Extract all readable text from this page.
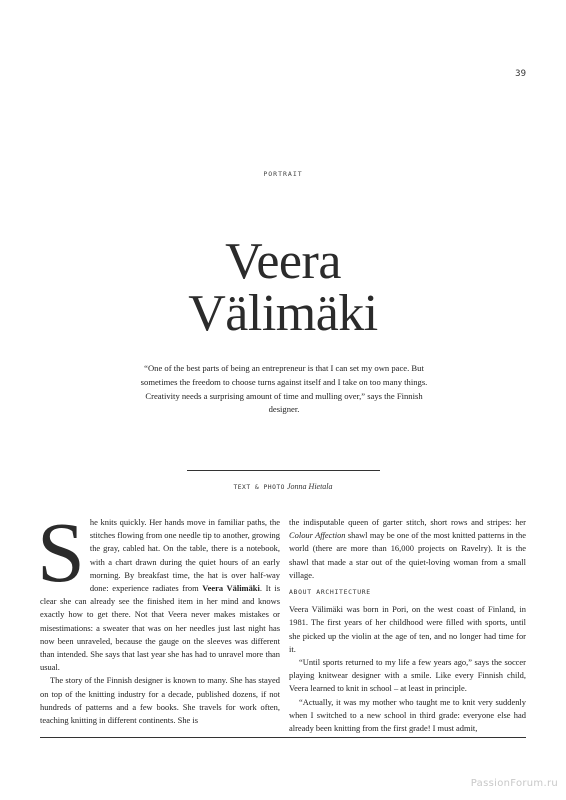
39
PORTRAIT
Veera
Välimäki
“One of the best parts of being an entrepreneur is that I can set my own pace. But sometimes the freedom to choose turns against itself and I take on too many things. Creativity needs a surprising amount of time and mulling over,” says the Finnish designer.
TEXT & PHOTO Jonna Hietala

She knits quickly. Her hands move in familiar paths, the stitches flowing from one needle tip to another, growing the gray, cabled hat. On the table, there is a notebook, with a chart drawn during the quiet hours of an early morning. By breakfast time, the hat is over half-way done: experience radiates from Veera Välimäki. It is clear she can already see the finished item in her mind and knows exactly how to get there. Not that Veera never makes mistakes or misestimations: a sweater that was on her needles just last night has now been unraveled, because the gauge on the sleeves was different than intended. She says that last year she has had to unravel more than usual.

The story of the Finnish designer is known to many. She has stayed on top of the knitting industry for a decade, published dozens, if not hundreds of patterns and a few books. She travels for work often, teaching knitting in different continents. She is

the indisputable queen of garter stitch, short rows and stripes: her Colour Affection shawl may be one of the most knitted patterns in the world (there are more than 16,000 projects on Ravelry). It is the shawl that made a star out of the quiet-loving woman from a small village.

ABOUT ARCHITECTURE

Veera Välimäki was born in Pori, on the west coast of Finland, in 1981. The first years of her childhood were filled with sports, until she picked up the violin at the age of ten, and no longer had time for it.

“Until sports returned to my life a few years ago,” says the soccer playing knitwear designer with a smile. Like every Finnish child, Veera learned to knit in school – at least in principle.

“Actually, it was my mother who taught me to knit very suddenly when I switched to a new school in third grade: everyone else had already been knitting from the first grade! I must admit,

PassionForum.ru
